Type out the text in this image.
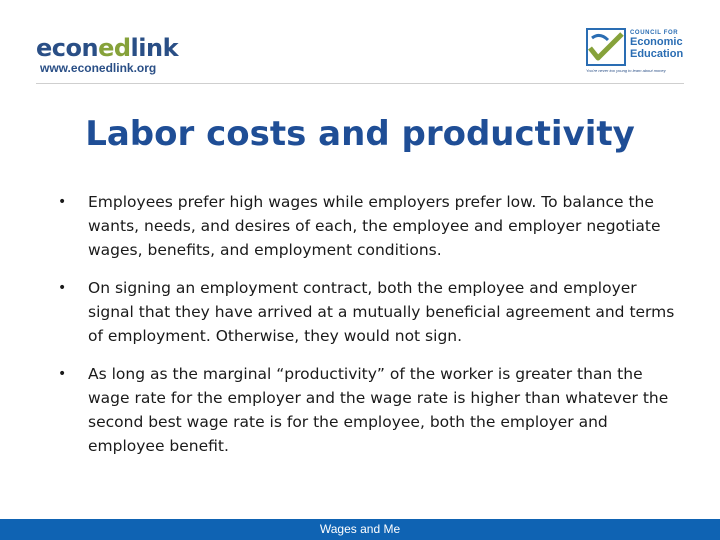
econedlink
www.econedlink.org
COUNCIL FOR
Economic
Education
You're never too young to learn about money
Labor costs and productivity
•	Employees prefer high wages while employers prefer low. To balance the wants, needs, and desires of each, the employee and employer negotiate wages, benefits, and employment conditions.
•	On signing an employment contract, both the employee and employer signal that they have arrived at a mutually beneficial agreement and terms of employment. Otherwise, they would not sign.
•	As long as the marginal “productivity” of the worker is greater than the wage rate for the employer and the wage rate is higher than whatever the second best wage rate is for the employee, both the employer and employee benefit.
Wages and Me
